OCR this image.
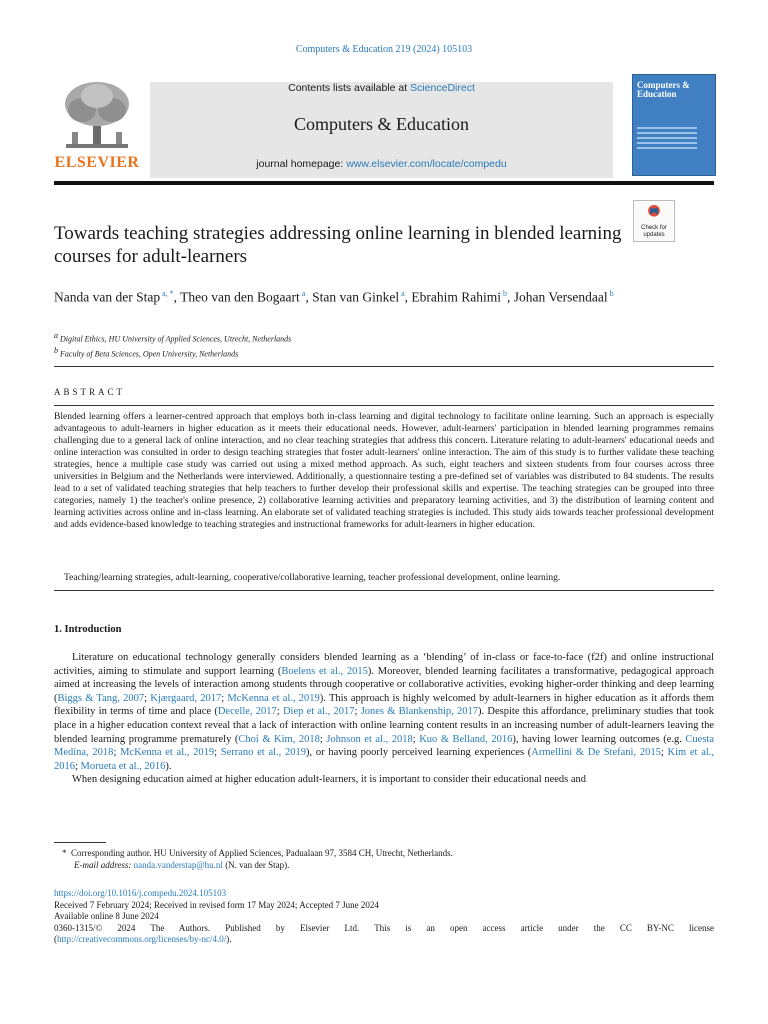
Computers & Education 219 (2024) 105103
ELSEVIER
Contents lists available at ScienceDirect
Computers & Education
journal homepage: www.elsevier.com/locate/compedu
Computers & Education
Check for
updates
Towards teaching strategies addressing online learning in blended learning courses for adult-learners
Nanda van der Stap $^{a, *}$, Theo van den Bogaart $^a$, Stan van Ginkel $^a$, Ebrahim Rahimi $^b$, Johan Versendaal $^b$
$^a$ Digital Ethics, HU University of Applied Sciences, Utrecht, Netherlands
$^b$ Faculty of Beta Sciences, Open University, Netherlands
ABSTRACT
Blended learning offers a learner-centred approach that employs both in-class learning and digital technology to facilitate online learning. Such an approach is especially advantageous to adult-learners in higher education as it meets their educational needs. However, adult-learners' participation in blended learning programmes remains challenging due to a general lack of online interaction, and no clear teaching strategies that address this concern. Literature relating to adult-learners' educational needs and online interaction was consulted in order to design teaching strategies that foster adult-learners' online interaction. The aim of this study is to further validate these teaching strategies, hence a multiple case study was carried out using a mixed method approach. As such, eight teachers and sixteen students from four courses across three universities in Belgium and the Netherlands were interviewed. Additionally, a questionnaire testing a pre-defined set of variables was distributed to 84 students. The results lead to a set of validated teaching strategies that help teachers to further develop their professional skills and expertise. The teaching strategies can be grouped into three categories, namely 1) the teacher's online presence, 2) collaborative learning activities and preparatory learning activities, and 3) the distribution of learning content and learning activities across online and in-class learning. An elaborate set of validated teaching strategies is included. This study aids towards teacher professional development and adds evidence-based knowledge to teaching strategies and instructional frameworks for adult-learners in higher education.
Teaching/learning strategies, adult-learning, cooperative/collaborative learning, teacher professional development, online learning.
1. Introduction

Literature on educational technology generally considers blended learning as a ‘blending’ of in-class or face-to-face (f2f) and online instructional activities, aiming to stimulate and support learning (Boelens et al., 2015). Moreover, blended learning facilitates a transformative, pedagogical approach aimed at increasing the levels of interaction among students through cooperative or collaborative activities, evoking higher-order thinking and deep learning (Biggs & Tang, 2007; Kjærgaard, 2017; McKenna et al., 2019). This approach is highly welcomed by adult-learners in higher education as it affords them flexibility in terms of time and place (Decelle, 2017; Diep et al., 2017; Jones & Blankenship, 2017). Despite this affordance, preliminary studies that took place in a higher education context reveal that a lack of interaction with online learning content results in an increasing number of adult-learners leaving the blended learning programme prematurely (Choi & Kim, 2018; Johnson et al., 2018; Kuo & Belland, 2016), having lower learning outcomes (e.g. Cuesta Medina, 2018; McKenna et al., 2019; Serrano et al., 2019), or having poorly perceived learning experiences (Armellini & De Stefani, 2015; Kim et al., 2016; Morueta et al., 2016).

When designing education aimed at higher education adult-learners, it is important to consider their educational needs and

* Corresponding author. HU University of Applied Sciences, Padualaan 97, 3584 CH, Utrecht, Netherlands.
E-mail address: nanda.vanderstap@hu.nl (N. van der Stap).
https://doi.org/10.1016/j.compedu.2024.105103
Received 7 February 2024; Received in revised form 17 May 2024; Accepted 7 June 2024
Available online 8 June 2024
0360-1315/© 2024 The Authors. Published by Elsevier Ltd. This is an open access article under the CC BY-NC license
(http://creativecommons.org/licenses/by-nc/4.0/).
